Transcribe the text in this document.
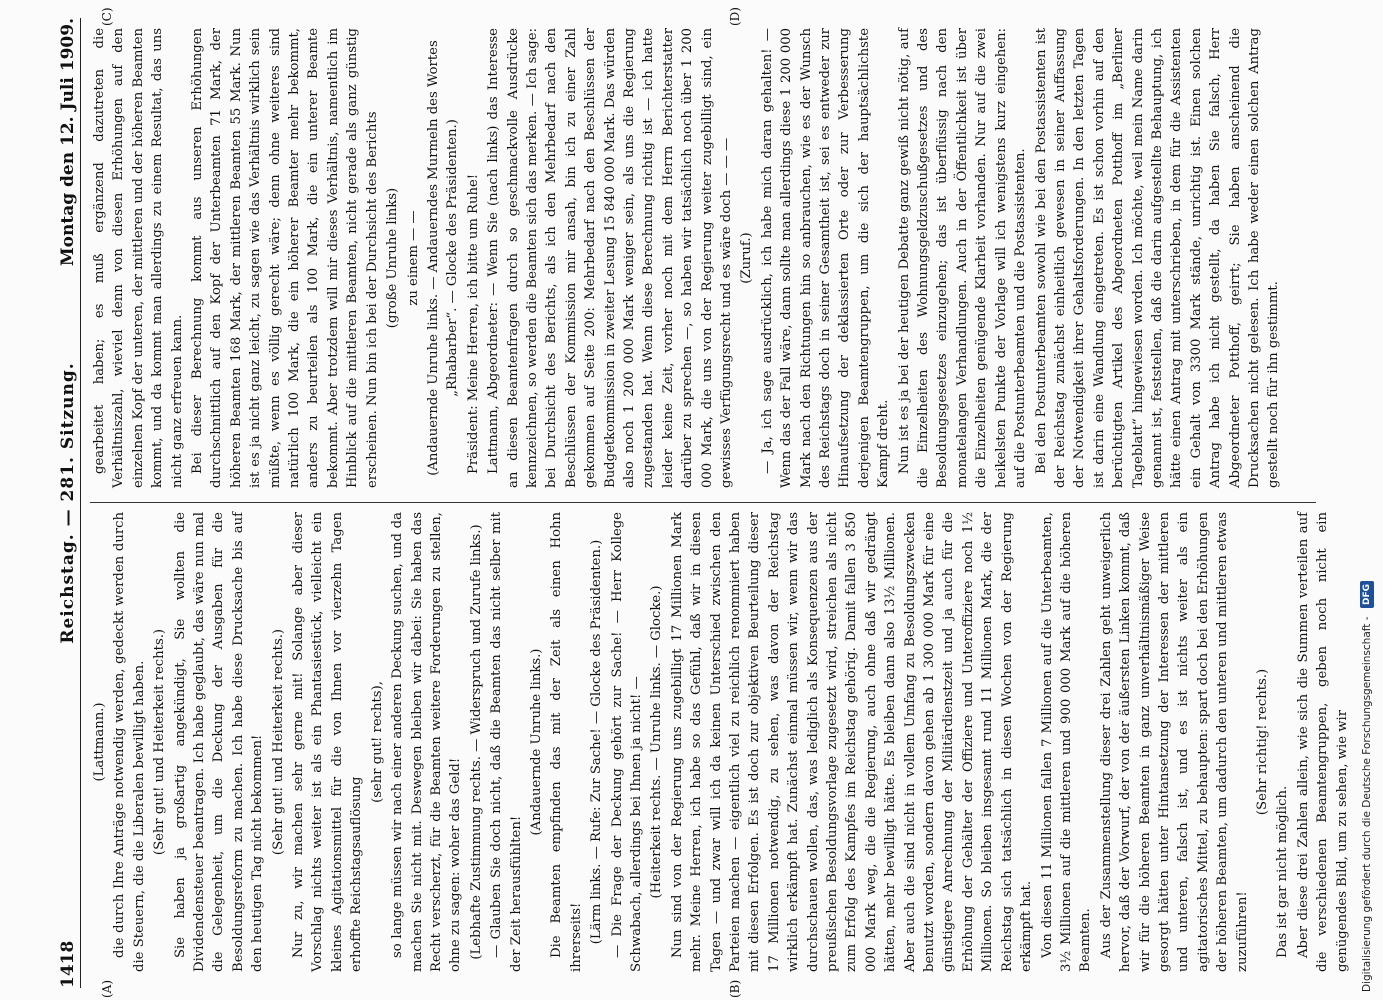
1418
Reichstag. — 281. Sitzung.
Montag den 12. Juli 1909.
(A)	(B)
(C)	(D)

(Lattmann.) die durch Ihre Anträge notwendig werden, gedeckt werden durch die Steuern, die die Liberalen bewilligt haben. (Sehr gut! und Heiterkeit rechts.) Sie haben ja großartig angekündigt, Sie wollten die Dividendensteuer beantragen. Ich habe geglaubt, das wäre nun mal die Gelegenheit, um die Deckung der Ausgaben für die Besoldungsreform zu machen. Ich habe diese Drucksache bis auf den heutigen Tag nicht bekommen! (Sehr gut! und Heiterkeit rechts.) Nur zu, wir machen sehr gerne mit! Solange aber dieser Vorschlag nichts weiter ist als ein Phantasiestück, vielleicht ein kleines Agitationsmittel für die von Ihnen vor vierzehn Tagen erhoffte Reichstagsauflösung

(sehr gut! rechts), so lange müssen wir nach einer anderen Deckung suchen, und da machen Sie nicht mit. Deswegen bleiben wir dabei: Sie haben das Recht verscherzt, für die Beamten weitere Forderungen zu stellen, ohne zu sagen: woher das Geld! (Lebhafte Zustimmung rechts. — Widerspruch und Zurufe links.) — Glauben Sie doch nicht, daß die Beamten das nicht selber mit der Zeit herausfühlten!

(Andauernde Unruhe links.) Die Beamten empfinden das mit der Zeit als einen Hohn ihrerseits! (Lärm links. — Rufe: Zur Sache! — Glocke des Präsidenten.) — Die Frage der Deckung gehört zur Sache! — Herr Kollege Schwabach, allerdings bei Ihnen ja nicht! — (Heiterkeit rechts. — Unruhe links. — Glocke.) Nun sind von der Regierung uns zugebilligt 17 Millionen Mark mehr. Meine Herren, ich habe so das Gefühl, daß wir in diesen Tagen — und zwar will ich da keinen Unterschied zwischen den Parteien machen — eigentlich viel zu reichlich renommiert haben mit diesen Erfolgen. Es ist doch zur objektiven Beurteilung dieser 17 Millionen notwendig, zu sehen, was davon der Reichstag wirklich erkämpft hat. Zunächst einmal müssen wir, wenn wir das durchschauen wollen, das, was lediglich als Konsequenzen aus der preußischen Besoldungsvorlage zugesetzt wird, streichen als nicht zum Erfolg des Kampfes im Reichstag gehörig. Damit fallen 3 850 000 Mark weg, die die Regierung, auch ohne daß wir gedrängt hätten, mehr bewilligt hätte. Es bleiben dann also 13½ Millionen. Aber auch die sind nicht in vollem Umfang zu Besoldungszwecken benutzt worden, sondern davon gehen ab 1 300 000 Mark für eine günstigere Anrechnung der Militärdienstzeit und ja auch für die Erhöhung der Gehälter der Offiziere und Unteroffiziere noch 1½ Millionen. So bleiben insgesamt rund 11 Millionen Mark, die der Reichstag sich tatsächlich in diesen Wochen von der Regierung erkämpft hat. Von diesen 11 Millionen fallen 7 Millionen auf die Unterbeamten, 3½ Millionen auf die mittleren und 900 000 Mark auf die höheren Beamten. Aus der Zusammenstellung dieser drei Zahlen geht unweigerlich hervor, daß der Vorwurf, der von der äußersten Linken kommt, daß wir für die höheren Beamten in ganz unverhältnismäßiger Weise gesorgt hätten unter Hintansetzung der Interessen der mittleren und unteren, falsch ist, und es ist nichts weiter als ein agitatorisches Mittel, zu behaupten: spart doch bei den Erhöhungen der höheren Beamten, um dadurch den unteren und mittleren etwas zuzuführen!

(Sehr richtig! rechts.)

Das ist gar nicht möglich. Aber diese drei Zahlen allein, wie sich die Summen verteilen auf die verschiedenen Beamtengruppen, geben noch nicht ein genügendes Bild, um zu sehen, wie wir

gearbeitet haben; es muß ergänzend dazutreten die Verhältniszahl, wieviel denn von diesen Erhöhungen auf den einzelnen Kopf der unteren, der mittleren und der höheren Beamten kommt, und da kommt man allerdings zu einem Resultat, das uns nicht ganz erfreuen kann. Bei dieser Berechnung kommt aus unseren Erhöhungen durchschnittlich auf den Kopf der Unterbeamten 71 Mark, der höheren Beamten 168 Mark, der mittleren Beamten 55 Mark. Nun ist es ja nicht ganz leicht, zu sagen wie das Verhältnis wirklich sein müßte, wenn es völlig gerecht wäre; denn ohne weiteres sind natürlich 100 Mark, die ein höherer Beamter mehr bekommt, anders zu beurteilen als 100 Mark, die ein unterer Beamte bekommt. Aber trotzdem will mir dieses Verhältnis, namentlich im Hinblick auf die mittleren Beamten, nicht gerade als ganz günstig erscheinen. Nun bin ich bei der Durchsicht des Berichts (große Unruhe links) zu einem — — (Andauernde Unruhe links. — Andauerndes Murmeln des Wortes „Rhabarber“. — Glocke des Präsidenten.) Präsident: Meine Herren, ich bitte um Ruhe! Lattmann, Abgeordneter: — Wenn Sie (nach links) das Interesse an diesen Beamtenfragen durch so geschmackvolle Ausdrücke kennzeichnen, so werden die Beamten sich das merken. — Ich sage: bei Durchsicht des Berichts, als ich den Mehrbedarf nach den Beschlüssen der Kommission mir ansah, bin ich zu einer Zahl gekommen auf Seite 200: Mehrbedarf nach den Beschlüssen der Budgetkommission in zweiter Lesung 15 840 000 Mark. Das würden also noch 1 200 000 Mark weniger sein, als uns die Regierung zugestanden hat. Wenn diese Berechnung richtig ist — ich hatte leider keine Zeit, vorher noch mit dem Herrn Berichterstatter darüber zu sprechen —, so haben wir tatsächlich noch über 1 200 000 Mark, die uns von der Regierung weiter zugebilligt sind, ein gewisses Verfügungsrecht und es wäre doch — — — (Zuruf.) — Ja, ich sage ausdrücklich, ich habe mich daran gehalten! — Wenn das der Fall wäre, dann sollte man allerdings diese 1 200 000 Mark nach den Richtungen hin so anbrauchen, wie es der Wunsch des Reichstags doch in seiner Gesamtheit ist, sei es entweder zur Hinaufsetzung der deklassierten Orte oder zur Verbesserung derjenigen Beamtengruppen, um die sich der hauptsächlichste Kampf dreht. Nun ist es ja bei der heutigen Debatte ganz gewiß nicht nötig, auf die Einzelheiten des Wohnungsgeldzuschußgesetzes und des Besoldungsgesetzes einzugehen; das ist überflüssig nach den monatelangen Verhandlungen. Auch in der Öffentlichkeit ist über die Einzelheiten genügende Klarheit vorhanden. Nur auf die zwei heikelsten Punkte der Vorlage will ich wenigstens kurz eingehen: auf die Postunterbeamten und die Postassistenten. Bei den Postunterbeamten sowohl wie bei den Postassistenten ist der Reichstag zunächst einheitlich gewesen in seiner Auffassung der Notwendigkeit ihrer Gehaltsforderungen. In den letzten Tagen ist darin eine Wandlung eingetreten. Es ist schon vorhin auf den berüchtigten Artikel des Abgeordneten Potthoff im „Berliner Tageblatt“ hingewiesen worden. Ich möchte, weil mein Name darin genannt ist, feststellen, daß die darin aufgestellte Behauptung, ich hätte einen Antrag mit unterschrieben, in dem für die Assistenten ein Gehalt von 3300 Mark stände, unrichtig ist. Einen solchen Antrag habe ich nicht gestellt, da haben Sie falsch, Herr Abgeordneter Potthoff, geirrt; Sie haben anscheinend die Drucksachen nicht gelesen. Ich habe weder einen solchen Antrag gestellt noch für ihn gestimmt.

Digitalisierung gefördert durch die Deutsche Forschungsgemeinschaft -
DFG
